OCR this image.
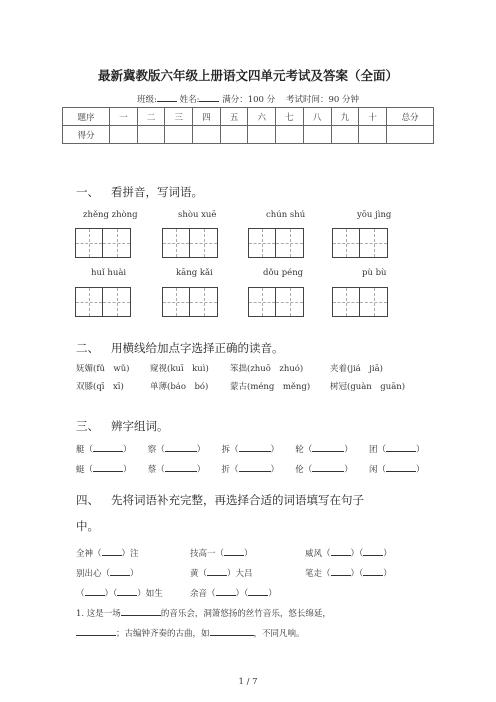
最新冀教版六年级上册语文四单元考试及答案（全面）
班级:	姓名:	满分：100 分 考试时间：90 分钟
题序	一	二	三	四	五	六	七	八	九	十	总分
得分											
一、 看拼音，写词语。
zhěng zhòng	shòu xuē	chún shú	yōu jìng
huǐ huài	kāng kǎi	dǒu péng	pù bù
二、 用横线给加点字选择正确的读音。
妩媚(fǔ　wǔ) 窥视(kuī　kuì) 笨拙(zhuō　zhuó)	夹着(jiá　jiā)
双膝(qī　xī)	单薄(báo　bó)	蒙古(méng　měng) 树冠(guàn　guān)
三、 辨字组词。
艇（	）      察（	）      拆（	）      轮（	）      团（	）
蜓（	）      蔡（	）      折（	）      伦（	）      闲（	）
四、 先将词语补充完整，再选择合适的词语填写在句子
中。
全神（ ）注	技高一（ ）	威风（ ）（ ）
别出心（ ）	黄（ ）大吕	笔走（ ）（ ）
（ ）（ ）如生	余音（ ）（ ）
1. 这是一场	的音乐会，洞箫悠扬的丝竹音乐，悠长绵延，
；古编钟齐奏的古曲，如	，不同凡响。
1 / 7
